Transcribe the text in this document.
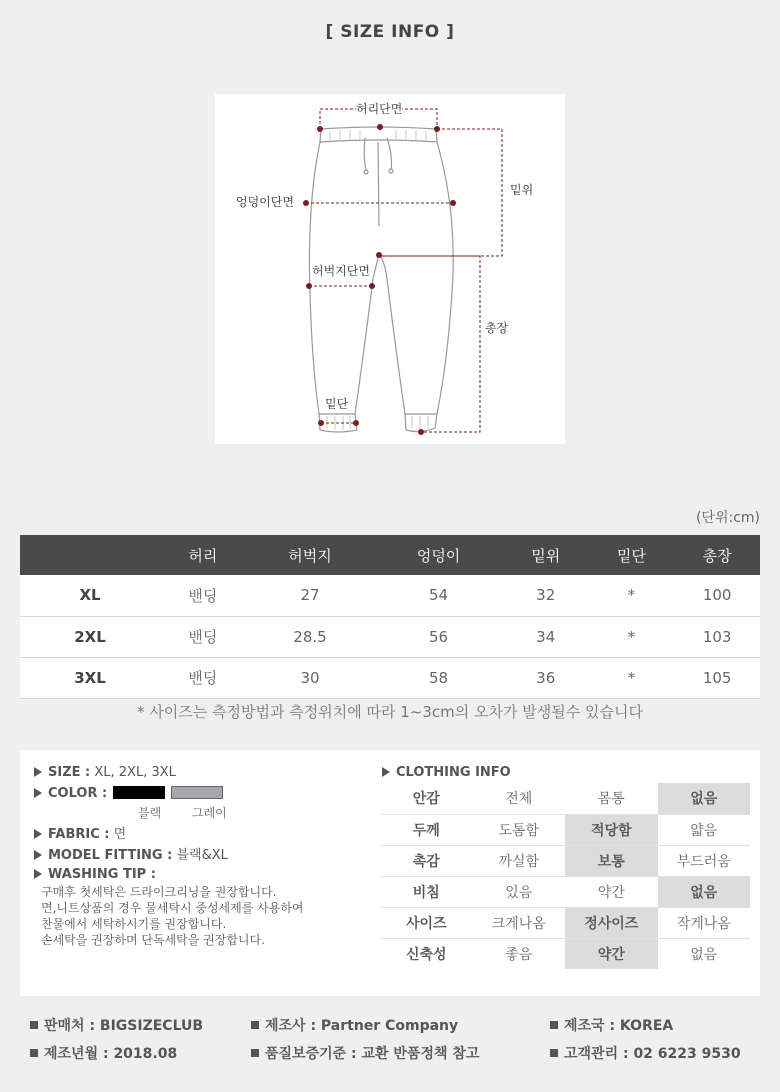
[ SIZE INFO ]
허리단면
엉덩이단면
허벅지단면
밑위
총장
밑단
(단위:cm)
	허리	허벅지	엉덩이	밑위	밑단	총장
XL	밴딩	27	54	32	*	100
2XL	밴딩	28.5	56	34	*	103
3XL	밴딩	30	58	36	*	105
* 사이즈는 측정방법과 측정위치에 따라 1~3cm의 오차가 발생될수 있습니다
SIZE : XL, 2XL, 3XL
COLOR :
블랙	그레이
FABRIC : 면
MODEL FITTING : 블랙&XL
WASHING TIP :
구매후 첫세탁은 드라이크리닝을 권장합니다.
면,니트상품의 경우 물세탁시 중성세제를 사용하여
찬물에서 세탁하시기를 권장합니다.
손세탁을 권장하며 단독세탁을 권장합니다.
CLOTHING INFO
안감	전체	몸통	없음
두께	도톰함	적당함	얇음
촉감	까실함	보통	부드러움
비침	있음	약간	없음
사이즈	크게나옴	정사이즈	작게나옴
신축성	좋음	약간	없음
판매처 : BIGSIZECLUB	제조사 : Partner Company	제조국 : KOREA
제조년월 : 2018.08	품질보증기준 : 교환 반품정책 참고	고객관리 : 02 6223 9530
